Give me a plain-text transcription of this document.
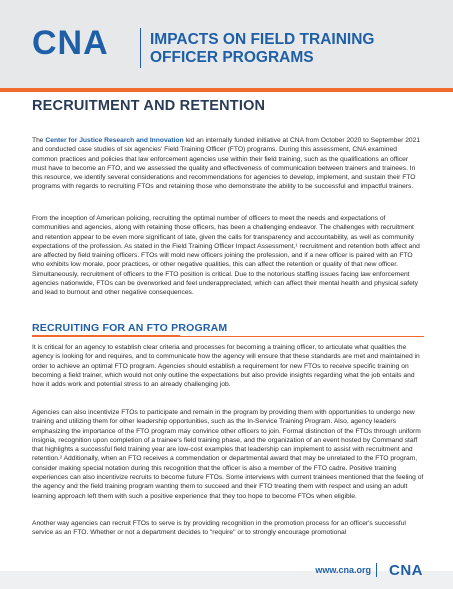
CNA	IMPACTS ON FIELD TRAINING
OFFICER PROGRAMS
RECRUITMENT AND RETENTION
The Center for Justice Research and Innovation led an internally funded initiative at CNA from October 2020 to September 2021 and conducted case studies of six agencies' Field Training Officer (FTO) programs. During this assessment, CNA examined common practices and policies that law enforcement agencies use within their field training, such as the qualifications an officer must have to become an FTO, and we assessed the quality and effectiveness of communication between trainers and trainees. In this resource, we identify several considerations and recommendations for agencies to develop, implement, and sustain their FTO programs with regards to recruiting FTOs and retaining those who demonstrate the ability to be successful and impactful trainers.
From the inception of American policing, recruiting the optimal number of officers to meet the needs and expectations of communities and agencies, along with retaining those officers, has been a challenging endeavor. The challenges with recruitment and retention appear to be even more significant of late, given the calls for transparency and accountability, as well as community expectations of the profession. As stated in the Field Training Officer Impact Assessment,¹ recruitment and retention both affect and are affected by field training officers. FTOs will mold new officers joining the profession, and if a new officer is paired with an FTO who exhibits low morale, poor practices, or other negative qualities, this can affect the retention or quality of that new officer. Simultaneously, recruitment of officers to the FTO position is critical. Due to the notorious staffing issues facing law enforcement agencies nationwide, FTOs can be overworked and feel underappreciated, which can affect their mental health and physical safety and lead to burnout and other negative consequences.
RECRUITING FOR AN FTO PROGRAM
It is critical for an agency to establish clear criteria and processes for becoming a training officer, to articulate what qualities the agency is looking for and requires, and to communicate how the agency will ensure that these standards are met and maintained in order to achieve an optimal FTO program. Agencies should establish a requirement for new FTOs to receive specific training on becoming a field trainer, which would not only outline the expectations but also provide insights regarding what the job entails and how it adds work and potential stress to an already challenging job.
Agencies can also incentivize FTOs to participate and remain in the program by providing them with opportunities to undergo new training and utilizing them for other leadership opportunities, such as the In-Service Training Program. Also, agency leaders emphasizing the importance of the FTO program may convince other officers to join. Formal distinction of the FTOs through uniform insignia, recognition upon completion of a trainee's field training phase, and the organization of an event hosted by Command staff that highlights a successful field training year are low-cost examples that leadership can implement to assist with recruitment and retention.² Additionally, when an FTO receives a commendation or departmental award that may be unrelated to the FTO program, consider making special notation during this recognition that the officer is also a member of the FTO cadre. Positive training experiences can also incentivize recruits to become future FTOs. Some interviews with current trainees mentioned that the feeling of the agency and the field training program wanting them to succeed and their FTO treating them with respect and using an adult learning approach left them with such a positive experience that they too hope to become FTOs when eligible.
Another way agencies can recruit FTOs to serve is by providing recognition in the promotion process for an officer's successful service as an FTO. Whether or not a department decides to "require" or to strongly encourage promotional
www.cna.org CNA
